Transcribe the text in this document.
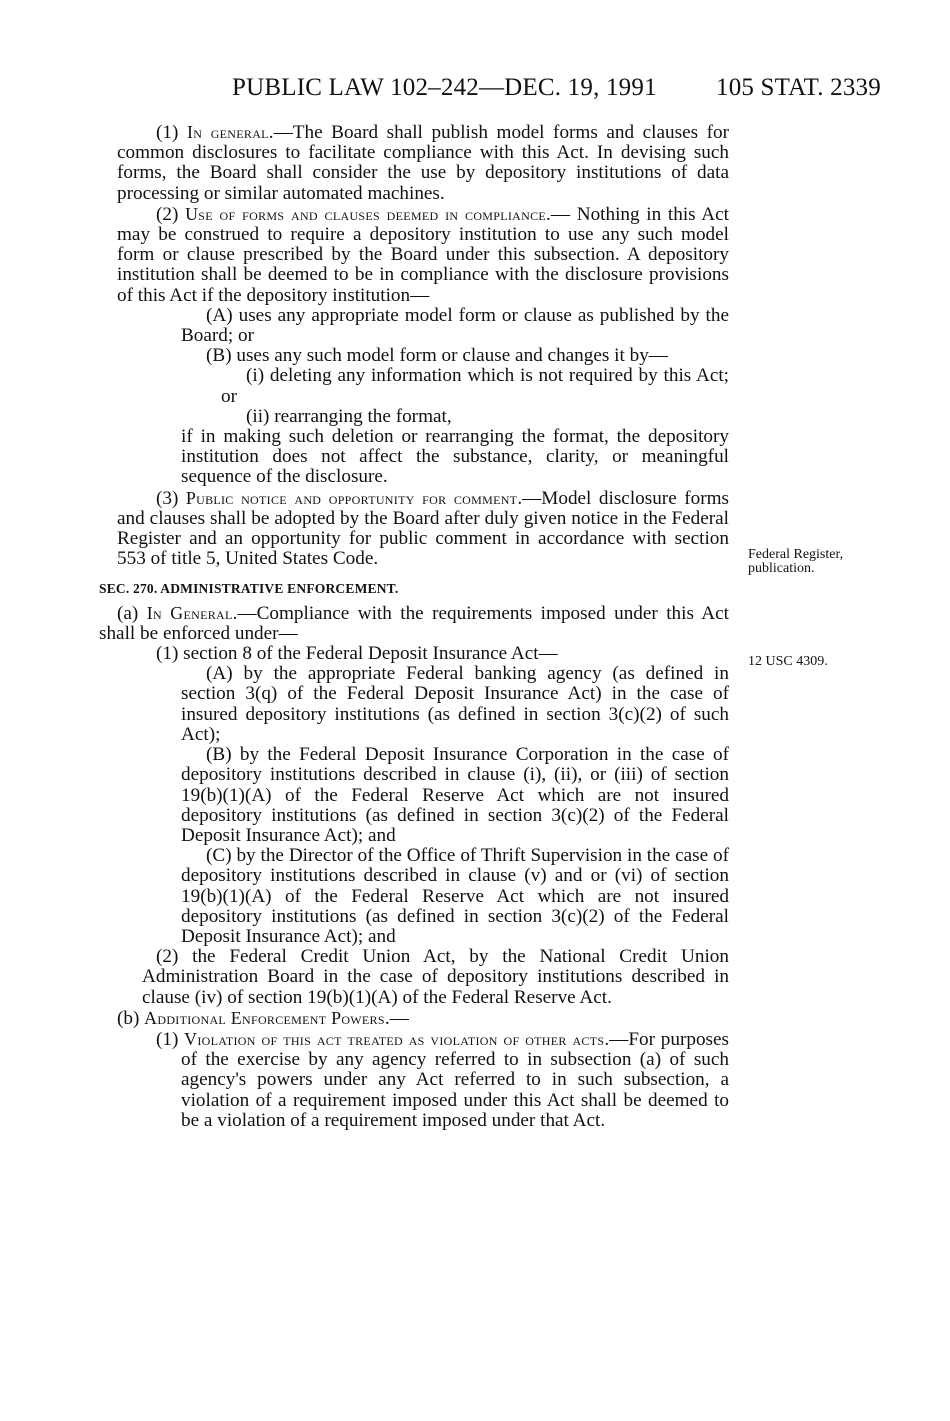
PUBLIC LAW 102–242—DEC. 19, 1991 105 STAT. 2339
Federal Register, publication.
12 USC 4309.

(1) In general.—The Board shall publish model forms and clauses for common disclosures to facilitate compliance with this Act. In devising such forms, the Board shall consider the use by depository institutions of data processing or similar automated machines.

(2) Use of forms and clauses deemed in compliance.— Nothing in this Act may be construed to require a depository institution to use any such model form or clause prescribed by the Board under this subsection. A depository institution shall be deemed to be in compliance with the disclosure provisions of this Act if the depository institution—

(A) uses any appropriate model form or clause as published by the Board; or

(B) uses any such model form or clause and changes it by—

(i) deleting any information which is not required by this Act; or

(ii) rearranging the format,

if in making such deletion or rearranging the format, the depository institution does not affect the substance, clarity, or meaningful sequence of the disclosure.

(3) Public notice and opportunity for comment.—Model disclosure forms and clauses shall be adopted by the Board after duly given notice in the Federal Register and an opportunity for public comment in accordance with section 553 of title 5, United States Code.

SEC. 270. ADMINISTRATIVE ENFORCEMENT.

(a) In General.—Compliance with the requirements imposed under this Act shall be enforced under—

(1) section 8 of the Federal Deposit Insurance Act—

(A) by the appropriate Federal banking agency (as defined in section 3(q) of the Federal Deposit Insurance Act) in the case of insured depository institutions (as defined in section 3(c)(2) of such Act);

(B) by the Federal Deposit Insurance Corporation in the case of depository institutions described in clause (i), (ii), or (iii) of section 19(b)(1)(A) of the Federal Reserve Act which are not insured depository institutions (as defined in section 3(c)(2) of the Federal Deposit Insurance Act); and

(C) by the Director of the Office of Thrift Supervision in the case of depository institutions described in clause (v) and or (vi) of section 19(b)(1)(A) of the Federal Reserve Act which are not insured depository institutions (as defined in section 3(c)(2) of the Federal Deposit Insurance Act); and

(2) the Federal Credit Union Act, by the National Credit Union Administration Board in the case of depository institutions described in clause (iv) of section 19(b)(1)(A) of the Federal Reserve Act.

(b) Additional Enforcement Powers.—

(1) Violation of this act treated as violation of other acts.—For purposes of the exercise by any agency referred to in subsection (a) of such agency's powers under any Act referred to in such subsection, a violation of a requirement imposed under this Act shall be deemed to be a violation of a requirement imposed under that Act.
